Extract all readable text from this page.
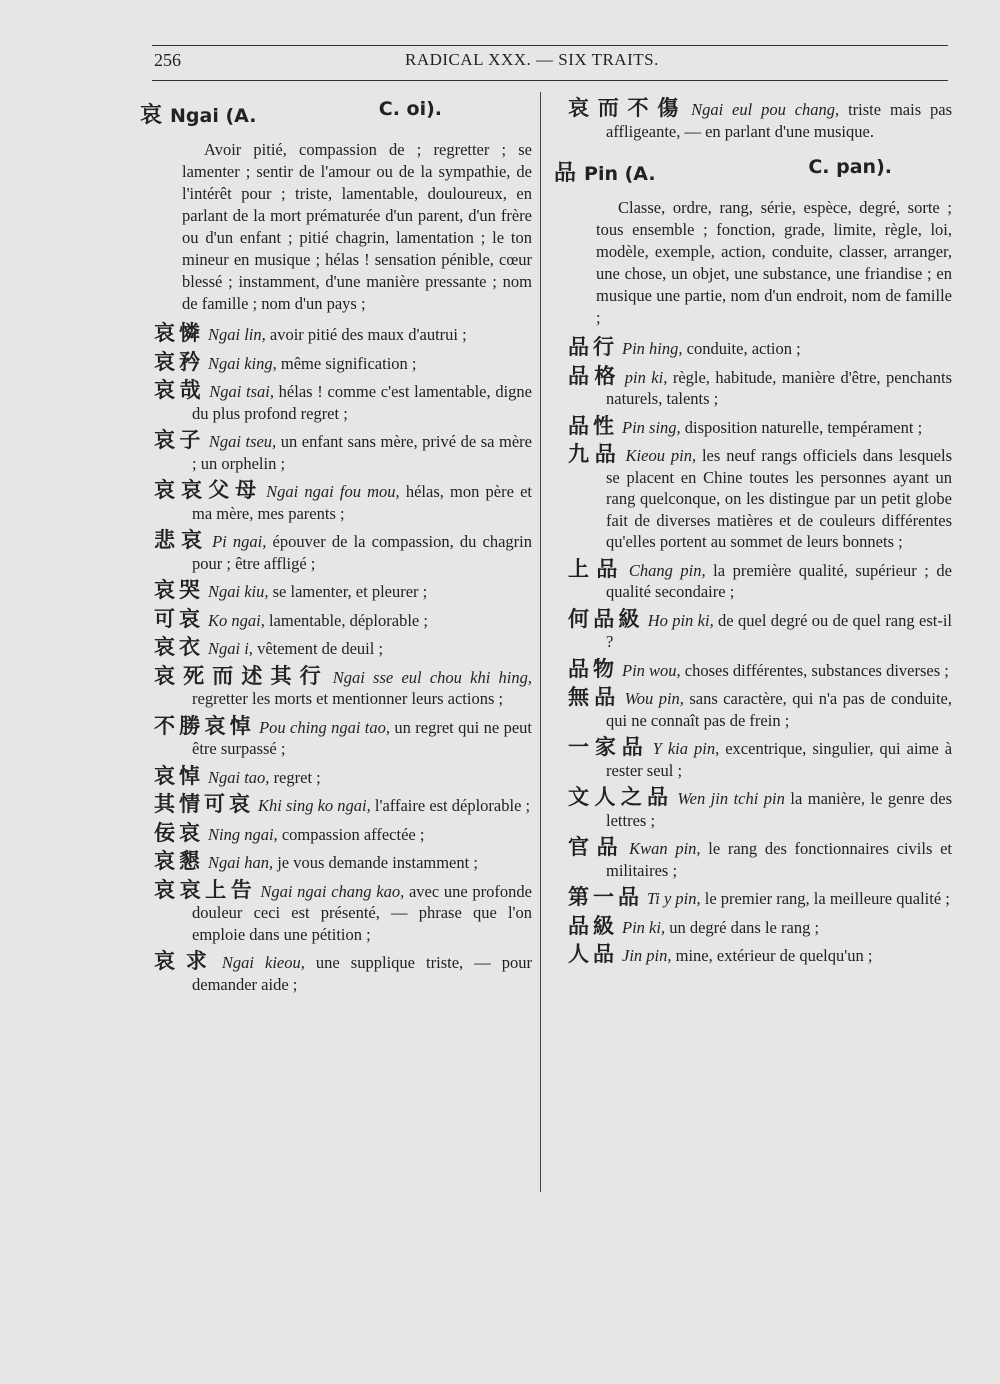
256	RADICAL XXX. — SIX TRAITS.
哀 Ngai (A.	C. oi).

Avoir pitié, compassion de ; regretter ; se lamenter ; sentir de l'amour ou de la sympathie, de l'intérêt pour ; triste, lamentable, douloureux, en parlant de la mort prématurée d'un parent, d'un frère ou d'un enfant ; pitié chagrin, lamentation ; le ton mineur en musique ; hélas ! sensation pénible, cœur blessé ; instamment, d'une manière pressante ; nom de famille ; nom d'un pays ;

哀憐 Ngai lin, avoir pitié des maux d'autrui ;

哀矜 Ngai king, même signification ;

哀哉 Ngai tsai, hélas ! comme c'est lamentable, digne du plus profond regret ;

哀子 Ngai tseu, un enfant sans mère, privé de sa mère ; un orphelin ;

哀哀父母 Ngai ngai fou mou, hélas, mon père et ma mère, mes parents ;

悲哀 Pi ngai, épouver de la compassion, du chagrin pour ; être affligé ;

哀哭 Ngai kiu, se lamenter, et pleurer ;

可哀 Ko ngai, lamentable, déplorable ;

哀衣 Ngai i, vêtement de deuil ;

哀死而述其行 Ngai sse eul chou khi hing, regretter les morts et mentionner leurs actions ;

不勝哀悼 Pou ching ngai tao, un regret qui ne peut être surpassé ;

哀悼 Ngai tao, regret ;

其情可哀 Khi sing ko ngai, l'affaire est déplorable ;

佞哀 Ning ngai, compassion affectée ;

哀懇 Ngai han, je vous demande instamment ;

哀哀上告 Ngai ngai chang kao, avec une profonde douleur ceci est présenté, — phrase que l'on emploie dans une pétition ;

哀求 Ngai kieou, une supplique triste, — pour demander aide ;

哀而不傷 Ngai eul pou chang, triste mais pas affligeante, — en parlant d'une musique.

品 Pin (A.	C. pan).

Classe, ordre, rang, série, espèce, degré, sorte ; tous ensemble ; fonction, grade, limite, règle, loi, modèle, exemple, action, conduite, classer, arranger, une chose, un objet, une substance, une friandise ; en musique une partie, nom d'un endroit, nom de famille ;

品行 Pin hing, conduite, action ;

品格 pin ki, règle, habitude, manière d'être, penchants naturels, talents ;

品性 Pin sing, disposition naturelle, tempérament ;

九品 Kieou pin, les neuf rangs officiels dans lesquels se placent en Chine toutes les personnes ayant un rang quelconque, on les distingue par un petit globe fait de diverses matières et de couleurs différentes qu'elles portent au sommet de leurs bonnets ;

上品 Chang pin, la première qualité, supérieur ; de qualité secondaire ;

何品級 Ho pin ki, de quel degré ou de quel rang est-il ?

品物 Pin wou, choses différentes, substances diverses ;

無品 Wou pin, sans caractère, qui n'a pas de conduite, qui ne connaît pas de frein ;

一家品 Y kia pin, excentrique, singulier, qui aime à rester seul ;

文人之品 Wen jin tchi pin la manière, le genre des lettres ;

官品 Kwan pin, le rang des fonctionnaires civils et militaires ;

第一品 Ti y pin, le premier rang, la meilleure qualité ;

品級 Pin ki, un degré dans le rang ;

人品 Jin pin, mine, extérieur de quelqu'un ;
